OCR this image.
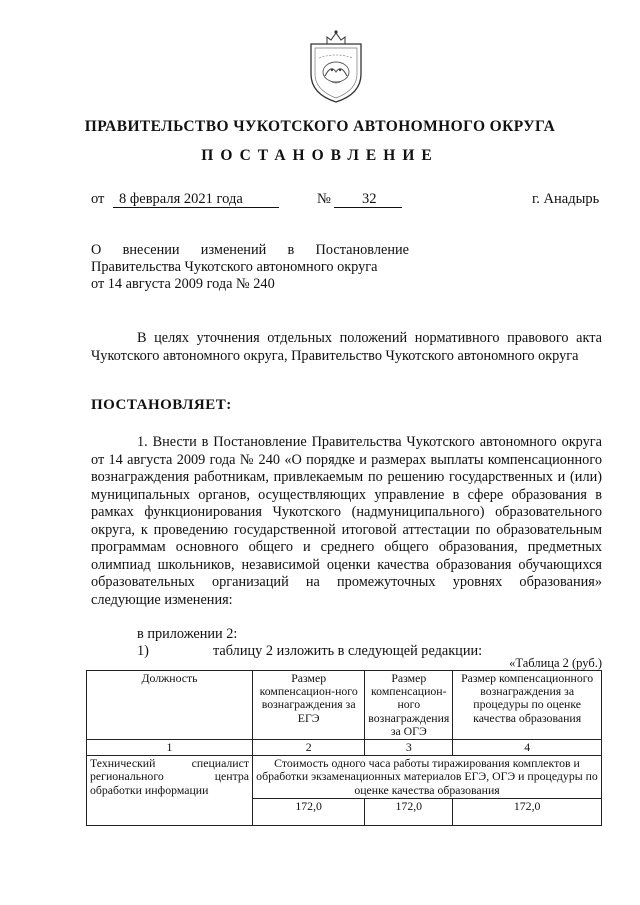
ПРАВИТЕЛЬСТВО ЧУКОТСКОГО АВТОНОМНОГО ОКРУГА
ПОСТАНОВЛЕНИЕ
от	8 февраля 2021 года	№	32	г. Анадырь
О    внесении    изменений    в    Постановление
Правительства Чукотского автономного округа
от 14 августа 2009 года № 240
В целях уточнения отдельных положений нормативного правового акта Чукотского автономного округа, Правительство Чукотского автономного округа
ПОСТАНОВЛЯЕТ:
1. Внести в Постановление Правительства Чукотского автономного округа от 14 августа 2009 года № 240 «О порядке и размерах выплаты компенсационного вознаграждения работникам, привлекаемым по решению государственных и (или) муниципальных органов, осуществляющих управление в сфере образования в рамках функционирования Чукотского (надмуниципального) образовательного округа, к проведению государственной итоговой аттестации по образовательным программам основного общего и среднего общего образования, предметных олимпиад школьников, независимой оценки качества образования обучающихся образовательных организаций на промежуточных уровнях образования» следующие изменения:
в приложении 2:
1)	таблицу 2 изложить в следующей редакции:
«Таблица 2 (руб.)
Должность	Размер компенсацион-ного вознаграждения за ЕГЭ	Размер компенсацион-ного вознаграждения за ОГЭ	Размер компенсационного вознаграждения за процедуры по оценке качества образования
1	2	3	4
Технический специалист регионального центра обработки информации	Стоимость одного часа работы тиражирования комплектов и обработки экзаменационных материалов ЕГЭ, ОГЭ и процедуры по оценке качества образования		
	172,0	172,0	172,0
